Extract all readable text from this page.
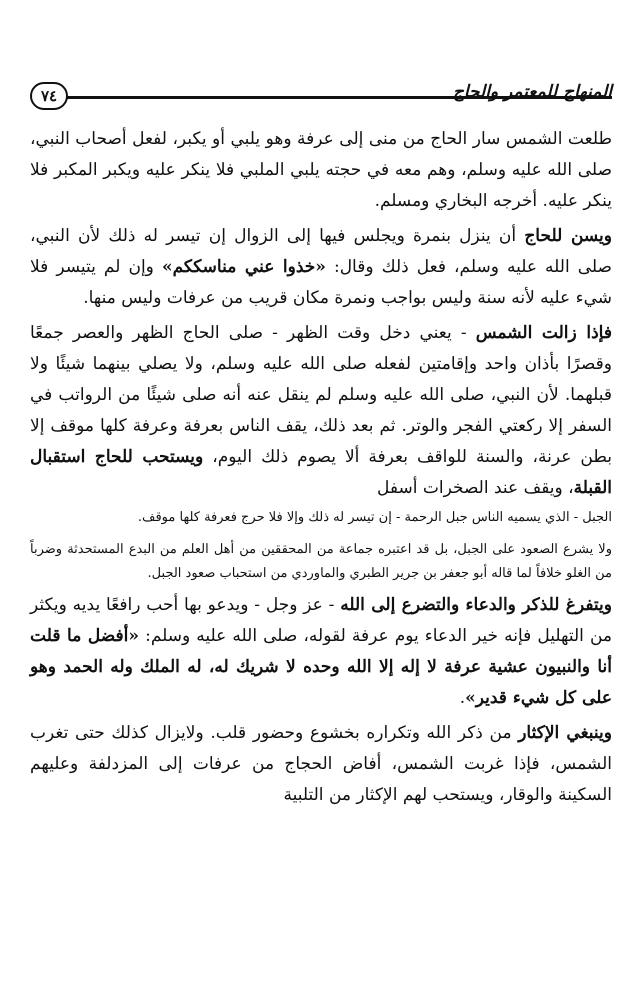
المنهاج للمعتمر والحاج
٧٤

طلعت الشمس سار الحاج من منى إلى عرفة وهو يلبي أو يكبر، لفعل أصحاب النبي، صلى الله عليه وسلم، وهم معه في حجته يلبي الملبي فلا ينكر عليه ويكبر المكبر فلا ينكر عليه. أخرجه البخاري ومسلم.

ويسن للحاج أن ينزل بنمرة ويجلس فيها إلى الزوال إن تيسر له ذلك لأن النبي، صلى الله عليه وسلم، فعل ذلك وقال: «خذوا عني مناسككم» وإن لم يتيسر فلا شيء عليه لأنه سنة وليس بواجب ونمرة مكان قريب من عرفات وليس منها.

فإذا زالت الشمس - يعني دخل وقت الظهر - صلى الحاج الظهر والعصر جمعًا وقصرًا بأذان واحد وإقامتين لفعله صلى الله عليه وسلم، ولا يصلي بينهما شيئًا ولا قبلهما. لأن النبي، صلى الله عليه وسلم لم ينقل عنه أنه صلى شيئًا من الرواتب في السفر إلا ركعتي الفجر والوتر. ثم بعد ذلك، يقف الناس بعرفة وعرفة كلها موقف إلا بطن عرنة، والسنة للواقف بعرفة ألا يصوم ذلك اليوم، ويستحب للحاج استقبال القبلة، ويقف عند الصخرات أسفل

الجبل - الذي يسميه الناس جبل الرحمة - إن تيسر له ذلك وإلا فلا حرج فعرفة كلها موقف.

ولا يشرع الصعود على الجبل، بل قد اعتبره جماعة من المحققين من أهل العلم من البدع المستحدثة وضرباً من الغلو خلافاً لما قاله أبو جعفر بن جرير الطبري والماوردي من استحباب صعود الجبل.

ويتفرغ للذكر والدعاء والتضرع إلى الله - عز وجل - ويدعو بها أحب رافعًا يديه ويكثر من التهليل فإنه خير الدعاء يوم عرفة لقوله، صلى الله عليه وسلم: «أفضل ما قلت أنا والنبيون عشية عرفة لا إله إلا الله وحده لا شريك له، له الملك وله الحمد وهو على كل شيء قدير».

وينبغي الإكثار من ذكر الله وتكراره بخشوع وحضور قلب. ولايزال كذلك حتى تغرب الشمس، فإذا غربت الشمس، أفاض الحجاج من عرفات إلى المزدلفة وعليهم السكينة والوقار، ويستحب لهم الإكثار من التلبية
